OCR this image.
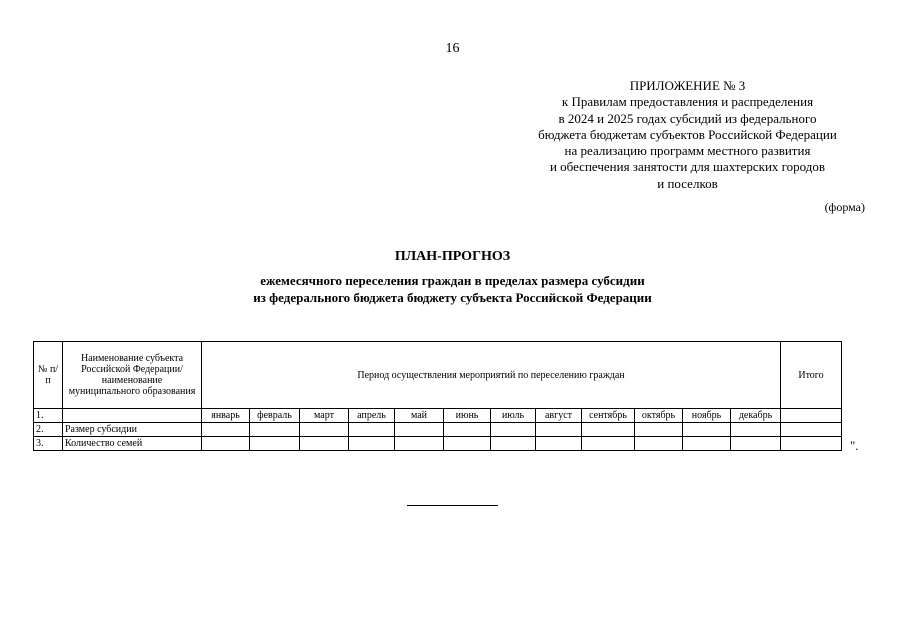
16
ПРИЛОЖЕНИЕ № 3
к Правилам предоставления и распределения
в 2024 и 2025 годах субсидий из федерального
бюджета бюджетам субъектов Российской Федерации
на реализацию программ местного развития
и обеспечения занятости для шахтерских городов
и поселков
(форма)
ПЛАН-ПРОГНОЗ
ежемесячного переселения граждан в пределах размера субсидии
из федерального бюджета бюджету субъекта Российской Федерации
№ п/п	Наименование субъекта Российской Федерации/ наименование муниципального образования	Период осуществления мероприятий по переселению граждан												Итого
1.		январь	февраль	март	апрель	май	июнь	июль	август	сентябрь	октябрь	ноябрь	декабрь	
2.	Размер субсидии													
3.	Количество семей														".
